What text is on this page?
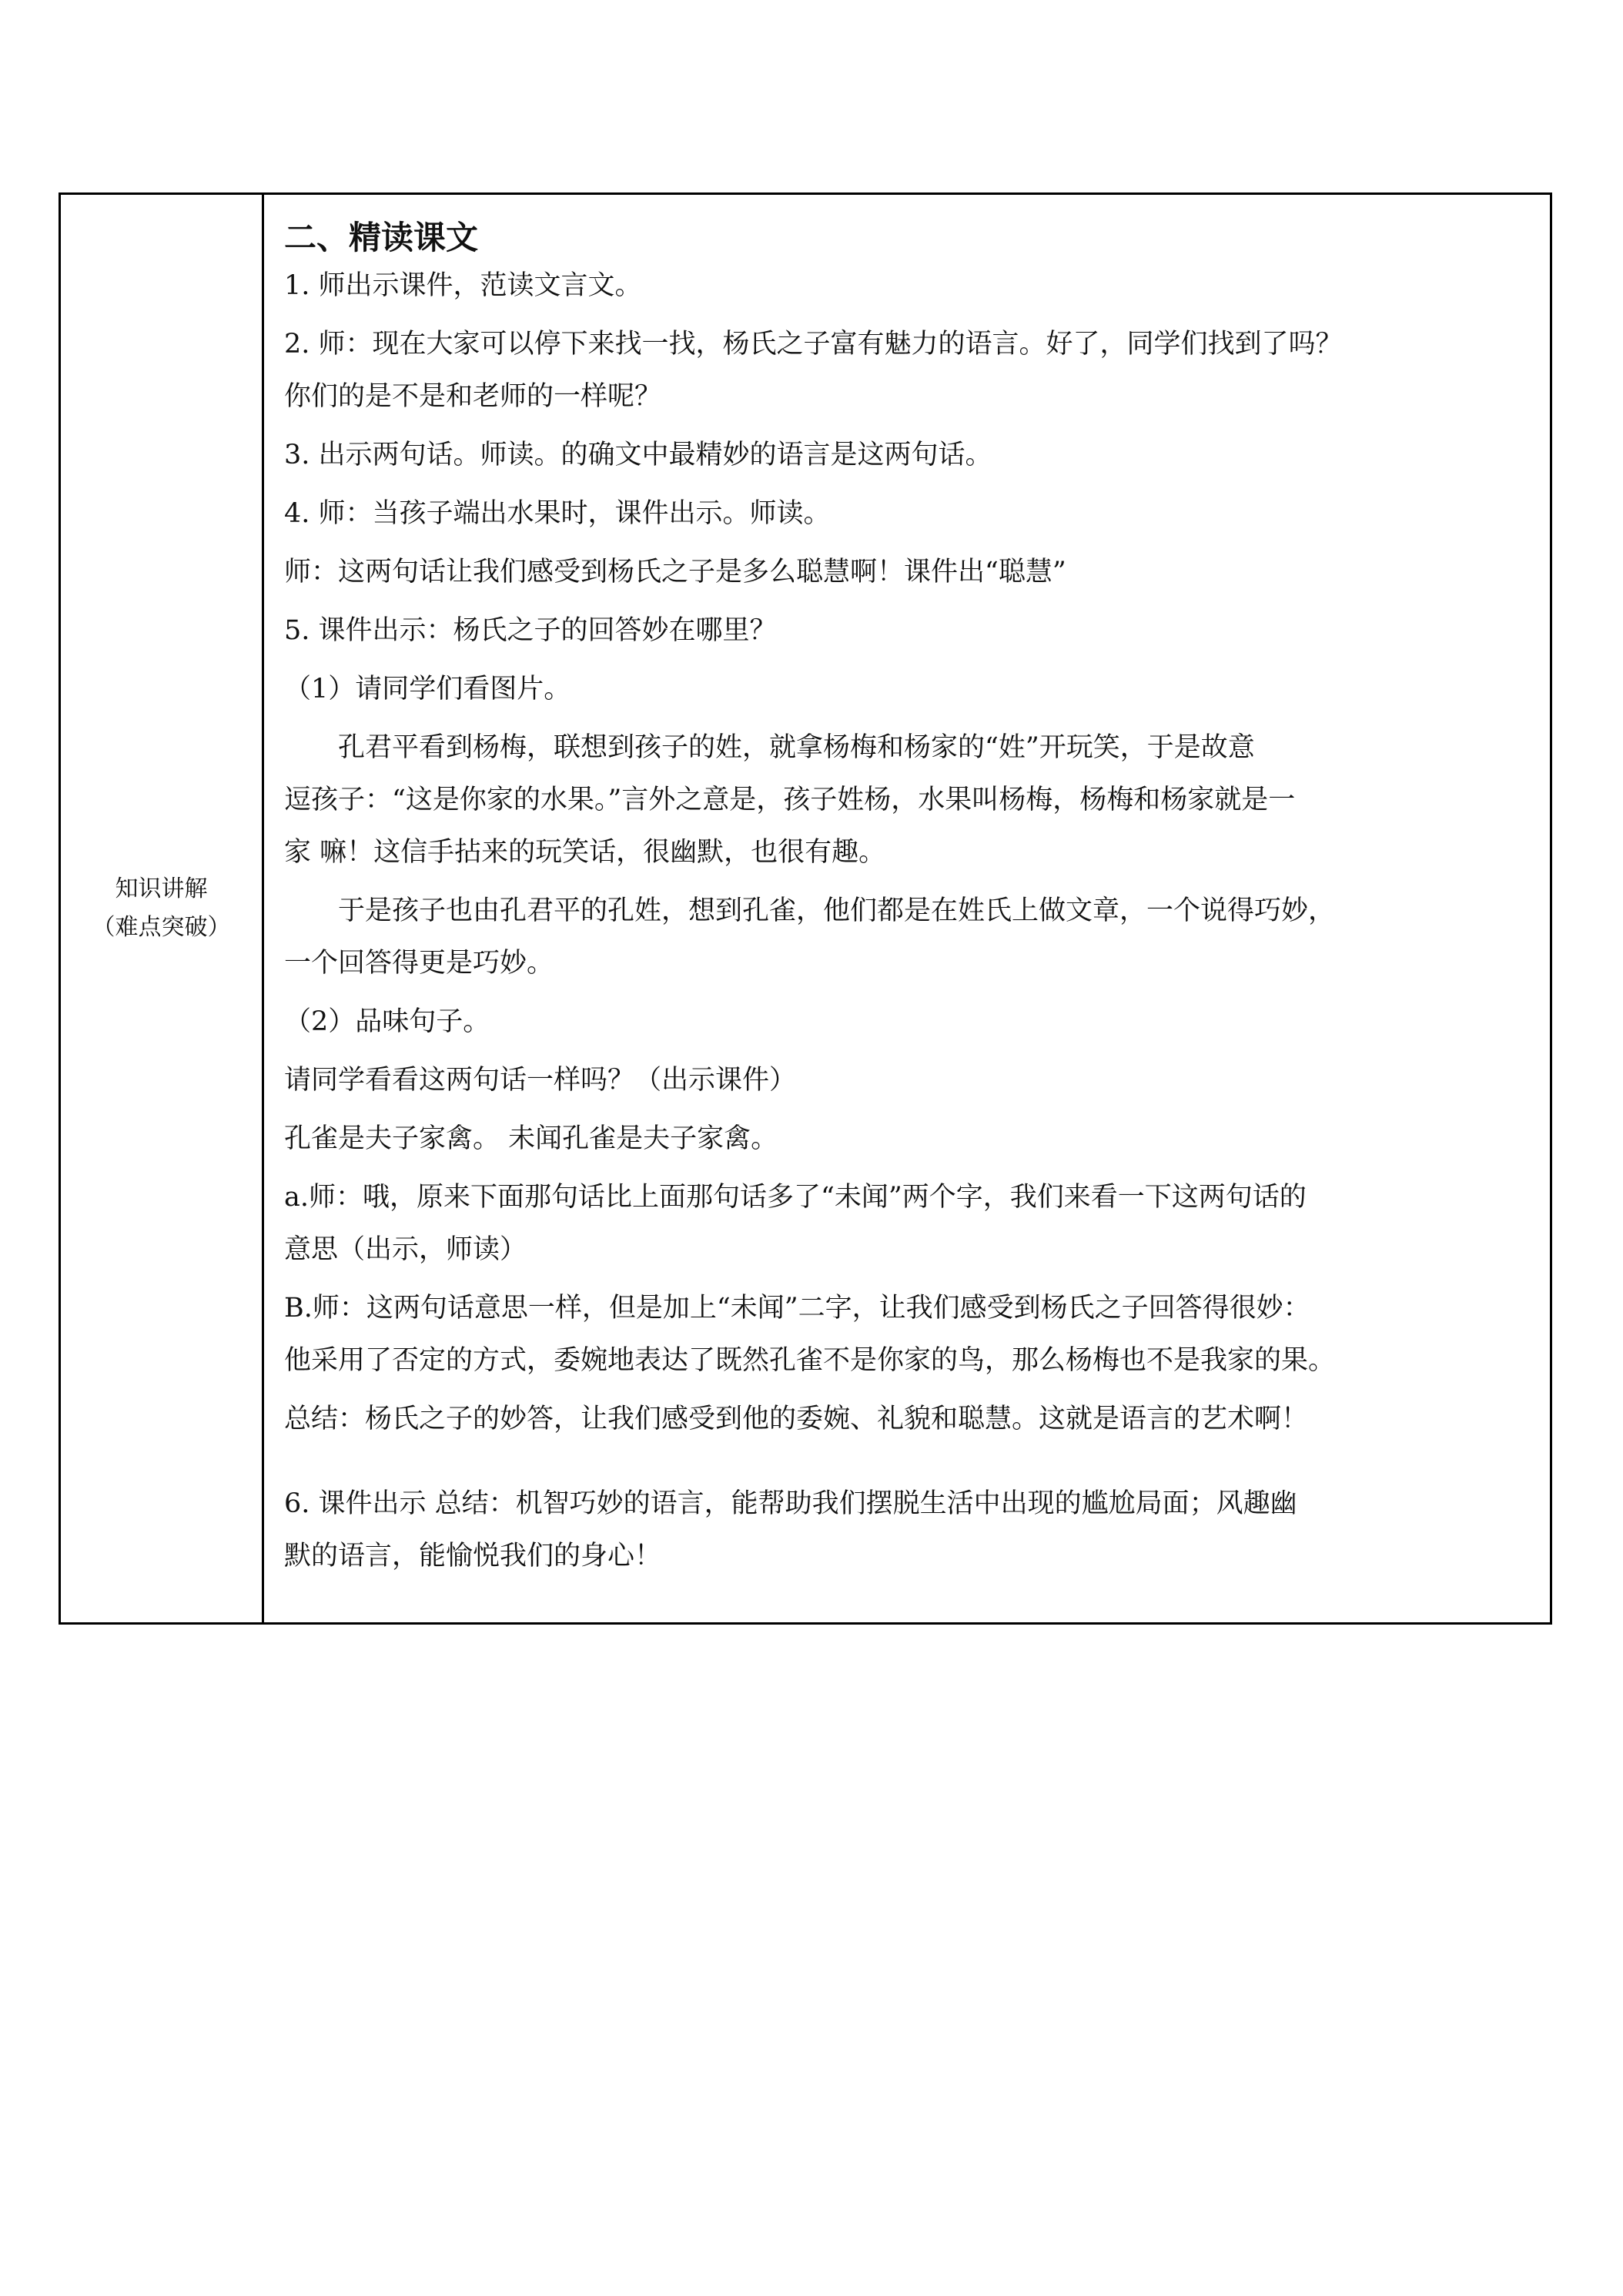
知识讲解
（难点突破）
二、精读课文
1. 师出示课件，范读文言文。
2. 师：现在大家可以停下来找一找，杨氏之子富有魅力的语言。好了，同学们找到了吗？
你们的是不是和老师的一样呢？
3. 出示两句话。师读。的确文中最精妙的语言是这两句话。
4. 师：当孩子端出水果时，课件出示。师读。
师：这两句话让我们感受到杨氏之子是多么聪慧啊！课件出“聪慧”
5. 课件出示：杨氏之子的回答妙在哪里？
（1）请同学们看图片。
孔君平看到杨梅，联想到孩子的姓，就拿杨梅和杨家的“姓”开玩笑，于是故意
逗孩子：“这是你家的水果。”言外之意是，孩子姓杨，水果叫杨梅，杨梅和杨家就是一
家 嘛！这信手拈来的玩笑话，很幽默，也很有趣。
于是孩子也由孔君平的孔姓，想到孔雀，他们都是在姓氏上做文章，一个说得巧妙，
一个回答得更是巧妙。
（2）品味句子。
请同学看看这两句话一样吗？（出示课件）
孔雀是夫子家禽。 未闻孔雀是夫子家禽。
a.师：哦，原来下面那句话比上面那句话多了“未闻”两个字，我们来看一下这两句话的
意思（出示，师读）
B.师：这两句话意思一样，但是加上“未闻”二字，让我们感受到杨氏之子回答得很妙：
他采用了否定的方式，委婉地表达了既然孔雀不是你家的鸟，那么杨梅也不是我家的果。
总结：杨氏之子的妙答，让我们感受到他的委婉、礼貌和聪慧。这就是语言的艺术啊！
6. 课件出示 总结：机智巧妙的语言，能帮助我们摆脱生活中出现的尴尬局面；风趣幽
默的语言，能愉悦我们的身心！
